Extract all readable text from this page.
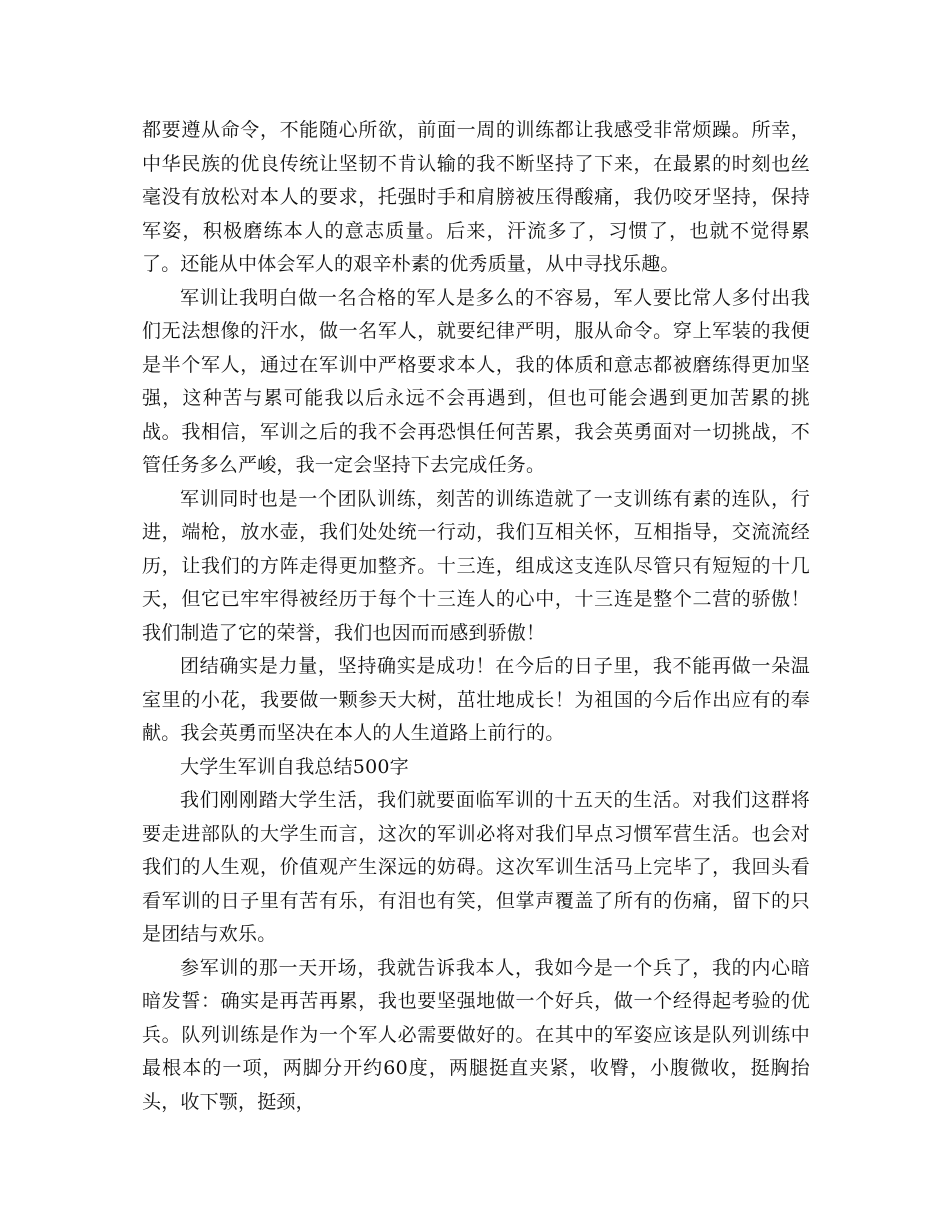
都要遵从命令，不能随心所欲，前面一周的训练都让我感受非常烦躁。所幸，中华民族的优良传统让坚韧不肯认输的我不断坚持了下来，在最累的时刻也丝毫没有放松对本人的要求，托强时手和肩膀被压得酸痛，我仍咬牙坚持，保持军姿，积极磨练本人的意志质量。后来，汗流多了，习惯了，也就不觉得累了。还能从中体会军人的艰辛朴素的优秀质量，从中寻找乐趣。

军训让我明白做一名合格的军人是多么的不容易，军人要比常人多付出我们无法想像的汗水，做一名军人，就要纪律严明，服从命令。穿上军装的我便是半个军人，通过在军训中严格要求本人，我的体质和意志都被磨练得更加坚强，这种苦与累可能我以后永远不会再遇到，但也可能会遇到更加苦累的挑战。我相信，军训之后的我不会再恐惧任何苦累，我会英勇面对一切挑战，不管任务多么严峻，我一定会坚持下去完成任务。

军训同时也是一个团队训练，刻苦的训练造就了一支训练有素的连队，行进，端枪，放水壶，我们处处统一行动，我们互相关怀，互相指导，交流流经历，让我们的方阵走得更加整齐。十三连，组成这支连队尽管只有短短的十几天，但它已牢牢得被经历于每个十三连人的心中，十三连是整个二营的骄傲！我们制造了它的荣誉，我们也因而而感到骄傲！

团结确实是力量，坚持确实是成功！在今后的日子里，我不能再做一朵温室里的小花，我要做一颗参天大树，茁壮地成长！为祖国的今后作出应有的奉献。我会英勇而坚决在本人的人生道路上前行的。

大学生军训自我总结500字

我们刚刚踏大学生活，我们就要面临军训的十五天的生活。对我们这群将要走进部队的大学生而言，这次的军训必将对我们早点习惯军营生活。也会对我们的人生观，价值观产生深远的妨碍。这次军训生活马上完毕了，我回头看看军训的日子里有苦有乐，有泪也有笑，但掌声覆盖了所有的伤痛，留下的只是团结与欢乐。

参军训的那一天开场，我就告诉我本人，我如今是一个兵了，我的内心暗暗发誓：确实是再苦再累，我也要坚强地做一个好兵，做一个经得起考验的优兵。队列训练是作为一个军人必需要做好的。在其中的军姿应该是队列训练中最根本的一项，两脚分开约60度，两腿挺直夹紧，收臀，小腹微收，挺胸抬头，收下颚，挺颈，
